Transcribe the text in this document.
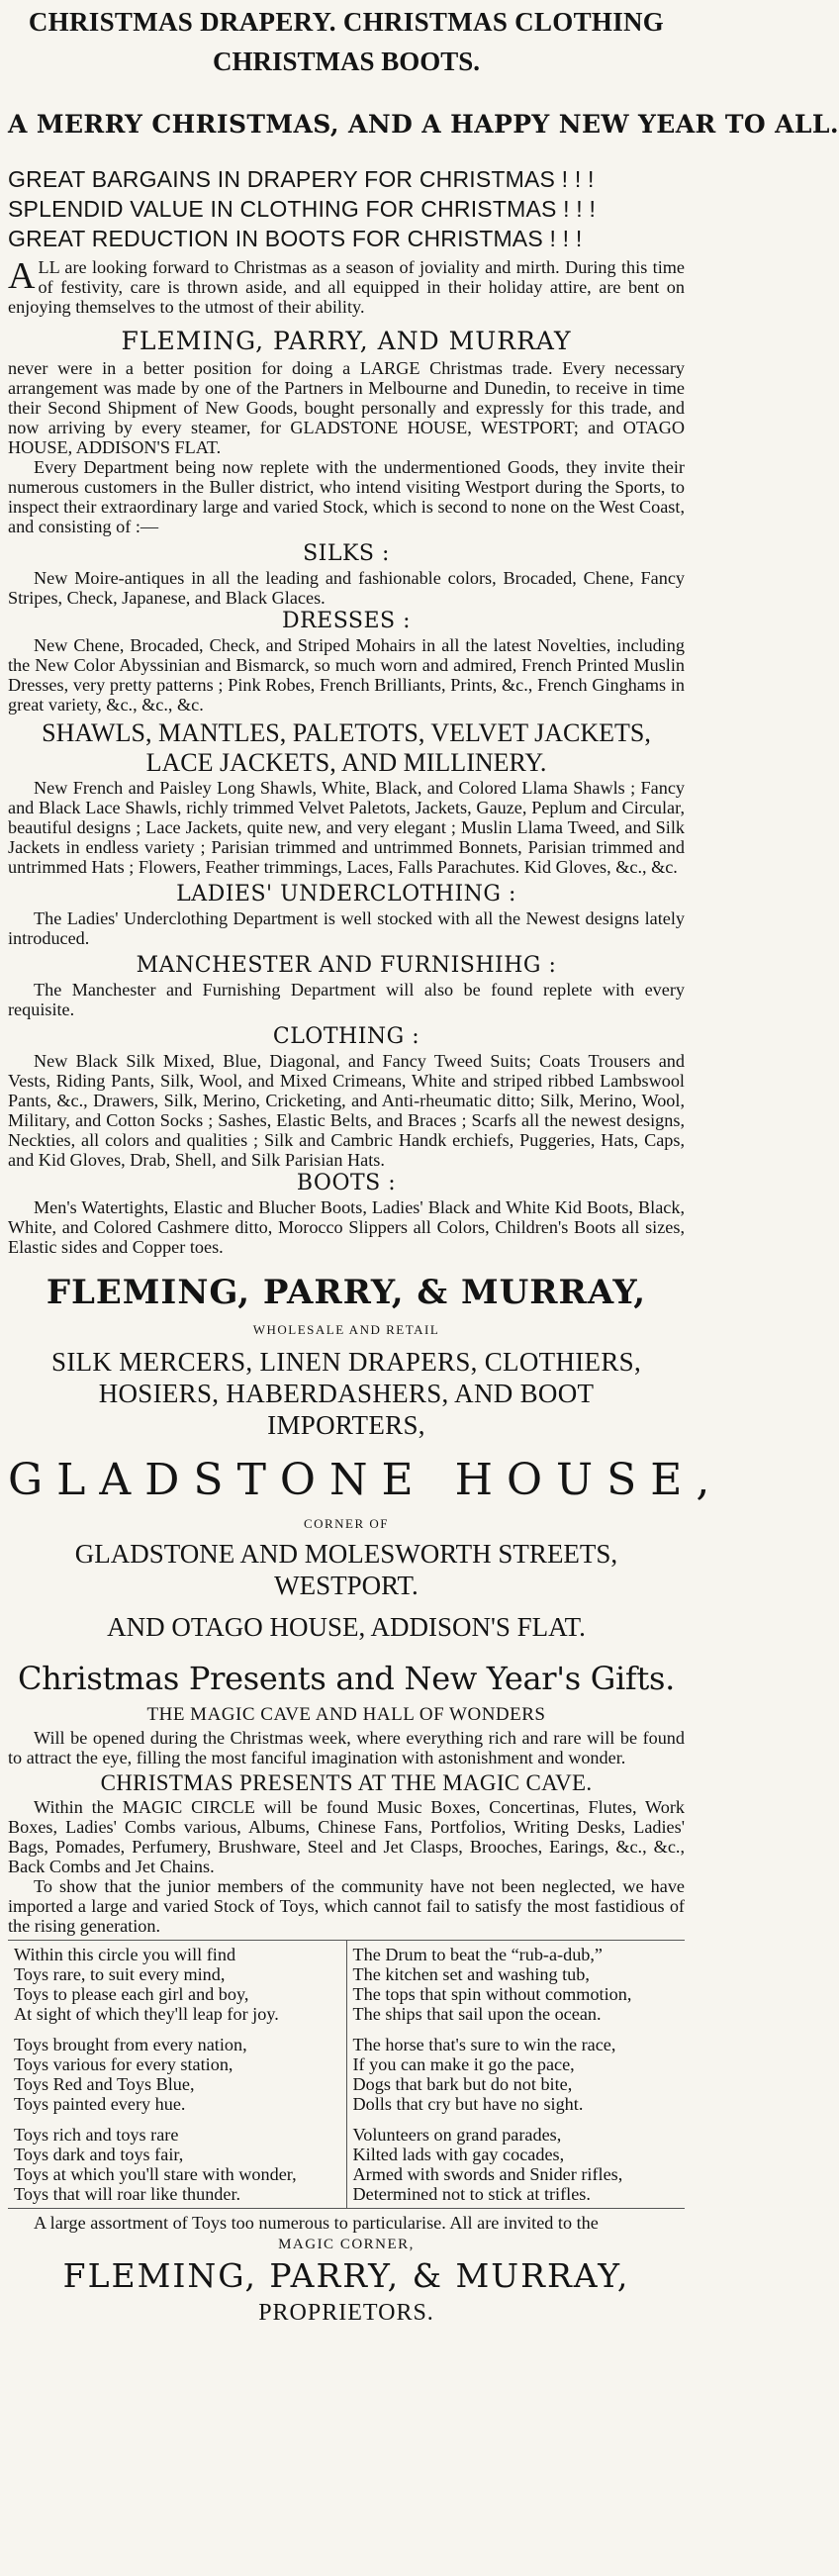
CHRISTMAS DRAPERY. CHRISTMAS CLOTHING

CHRISTMAS BOOTS.

A MERRY CHRISTMAS, AND A HAPPY NEW YEAR TO ALL.

GREAT BARGAINS IN DRAPERY FOR CHRISTMAS ! ! !

SPLENDID VALUE IN CLOTHING FOR CHRISTMAS ! ! !

GREAT REDUCTION IN BOOTS FOR CHRISTMAS ! ! !

ALL are looking forward to Christmas as a season of joviality and mirth. During this time of festivity, care is thrown aside, and all equipped in their holiday attire, are bent on enjoying themselves to the utmost of their ability.

FLEMING, PARRY, AND MURRAY

never were in a better position for doing a LARGE Christmas trade. Every necessary arrangement was made by one of the Partners in Melbourne and Dunedin, to receive in time their Second Shipment of New Goods, bought personally and expressly for this trade, and now arriving by every steamer, for GLADSTONE HOUSE, WESTPORT; and OTAGO HOUSE, ADDISON'S FLAT.

Every Department being now replete with the undermentioned Goods, they invite their numerous customers in the Buller district, who intend visiting Westport during the Sports, to inspect their extraordinary large and varied Stock, which is second to none on the West Coast, and consisting of :—

SILKS :

New Moire-antiques in all the leading and fashionable colors, Brocaded, Chene, Fancy Stripes, Check, Japanese, and Black Glaces.

DRESSES :

New Chene, Brocaded, Check, and Striped Mohairs in all the latest Novelties, including the New Color Abyssinian and Bismarck, so much worn and admired, French Printed Muslin Dresses, very pretty patterns ; Pink Robes, French Brilliants, Prints, &c., French Ginghams in great variety, &c., &c., &c.

SHAWLS, MANTLES, PALETOTS, VELVET JACKETS,

LACE JACKETS, AND MILLINERY.

New French and Paisley Long Shawls, White, Black, and Colored Llama Shawls ; Fancy and Black Lace Shawls, richly trimmed Velvet Paletots, Jackets, Gauze, Peplum and Circular, beautiful designs ; Lace Jackets, quite new, and very elegant ; Muslin Llama Tweed, and Silk Jackets in endless variety ; Parisian trimmed and untrimmed Bonnets, Parisian trimmed and untrimmed Hats ; Flowers, Feather trimmings, Laces, Falls Parachutes. Kid Gloves, &c., &c.

LADIES' UNDERCLOTHING :

The Ladies' Underclothing Department is well stocked with all the Newest designs lately introduced.

MANCHESTER AND FURNISHIHG :

The Manchester and Furnishing Department will also be found replete with every requisite.

CLOTHING :

New Black Silk Mixed, Blue, Diagonal, and Fancy Tweed Suits; Coats Trousers and Vests, Riding Pants, Silk, Wool, and Mixed Crimeans, White and striped ribbed Lambswool Pants, &c., Drawers, Silk, Merino, Cricketing, and Anti-rheumatic ditto; Silk, Merino, Wool, Military, and Cotton Socks ; Sashes, Elastic Belts, and Braces ; Scarfs all the newest designs, Neckties, all colors and qualities ; Silk and Cambric Handk erchiefs, Puggeries, Hats, Caps, and Kid Gloves, Drab, Shell, and Silk Parisian Hats.

BOOTS :

Men's Watertights, Elastic and Blucher Boots, Ladies' Black and White Kid Boots, Black, White, and Colored Cashmere ditto, Morocco Slippers all Colors, Children's Boots all sizes, Elastic sides and Copper toes.

FLEMING, PARRY, & MURRAY,

WHOLESALE AND RETAIL

SILK MERCERS, LINEN DRAPERS, CLOTHIERS,

HOSIERS, HABERDASHERS, AND BOOT

IMPORTERS,

GLADSTONE HOUSE,

CORNER OF

GLADSTONE AND MOLESWORTH STREETS,

WESTPORT.

AND OTAGO HOUSE, ADDISON'S FLAT.

Christmas Presents and New Year's Gifts.

THE MAGIC CAVE AND HALL OF WONDERS

Will be opened during the Christmas week, where everything rich and rare will be found to attract the eye, filling the most fanciful imagination with astonishment and wonder.

CHRISTMAS PRESENTS AT THE MAGIC CAVE.

Within the MAGIC CIRCLE will be found Music Boxes, Concertinas, Flutes, Work Boxes, Ladies' Combs various, Albums, Chinese Fans, Portfolios, Writing Desks, Ladies' Bags, Pomades, Perfumery, Brushware, Steel and Jet Clasps, Brooches, Earings, &c., &c., Back Combs and Jet Chains.

To show that the junior members of the community have not been neglected, we have imported a large and varied Stock of Toys, which cannot fail to satisfy the most fastidious of the rising generation.

Within this circle you will find

Toys rare, to suit every mind,

Toys to please each girl and boy,

At sight of which they'll leap for joy.

Toys brought from every nation,

Toys various for every station,

Toys Red and Toys Blue,

Toys painted every hue.

Toys rich and toys rare

Toys dark and toys fair,

Toys at which you'll stare with wonder,

Toys that will roar like thunder.

The Drum to beat the “rub-a-dub,”

The kitchen set and washing tub,

The tops that spin without commotion,

The ships that sail upon the ocean.

The horse that's sure to win the race,

If you can make it go the pace,

Dogs that bark but do not bite,

Dolls that cry but have no sight.

Volunteers on grand parades,

Kilted lads with gay cocades,

Armed with swords and Snider rifles,

Determined not to stick at trifles.

A large assortment of Toys too numerous to particularise. All are invited to the

MAGIC CORNER,

FLEMING, PARRY, & MURRAY,

PROPRIETORS.
